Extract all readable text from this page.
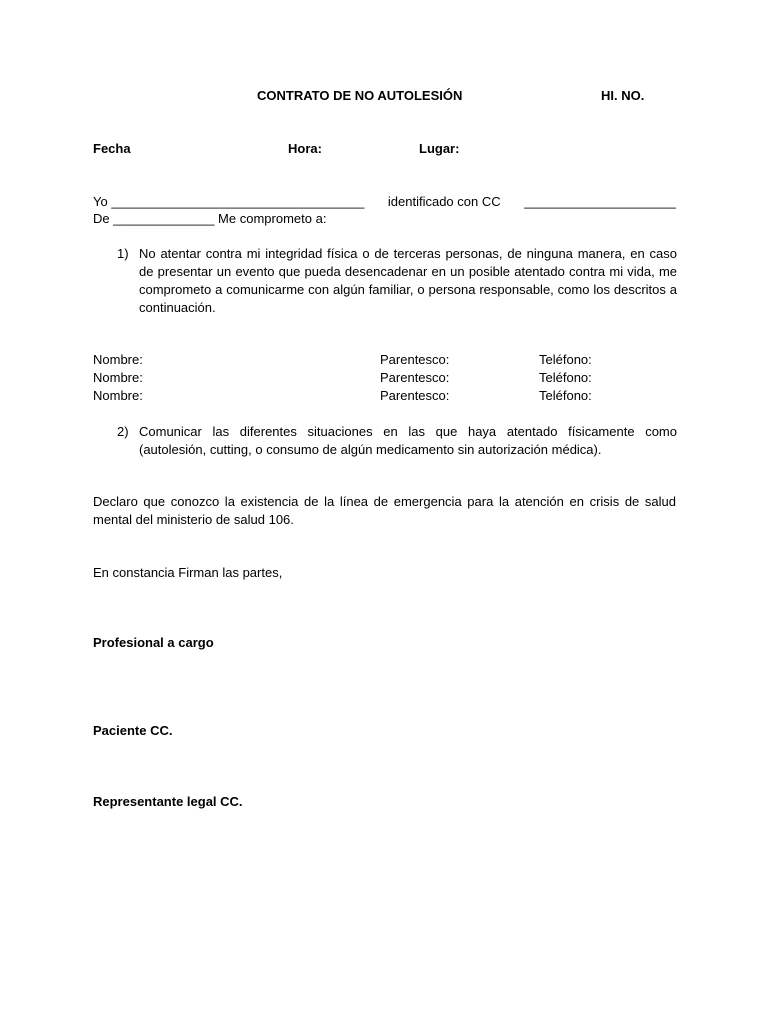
CONTRATO DE NO AUTOLESIÓN	HI. NO.
Fecha	Hora:	Lugar:
Yo ___________________________________ identificado con CC _____________________
De ______________ Me comprometo a:
1) No atentar contra mi integridad física o de terceras personas, de ninguna manera, en caso de presentar un evento que pueda desencadenar en un posible atentado contra mi vida, me comprometo a comunicarme con algún familiar, o persona responsable, como los descritos a continuación.
Nombre:	Parentesco:	Teléfono:
Nombre:	Parentesco:	Teléfono:
Nombre:	Parentesco:	Teléfono:
2) Comunicar las diferentes situaciones en las que haya atentado físicamente como (autolesión, cutting, o consumo de algún medicamento sin autorización médica).
Declaro que conozco la existencia de la línea de emergencia para la atención en crisis de salud mental del ministerio de salud 106.
En constancia Firman las partes,
Profesional a cargo
Paciente CC.
Representante legal CC.
